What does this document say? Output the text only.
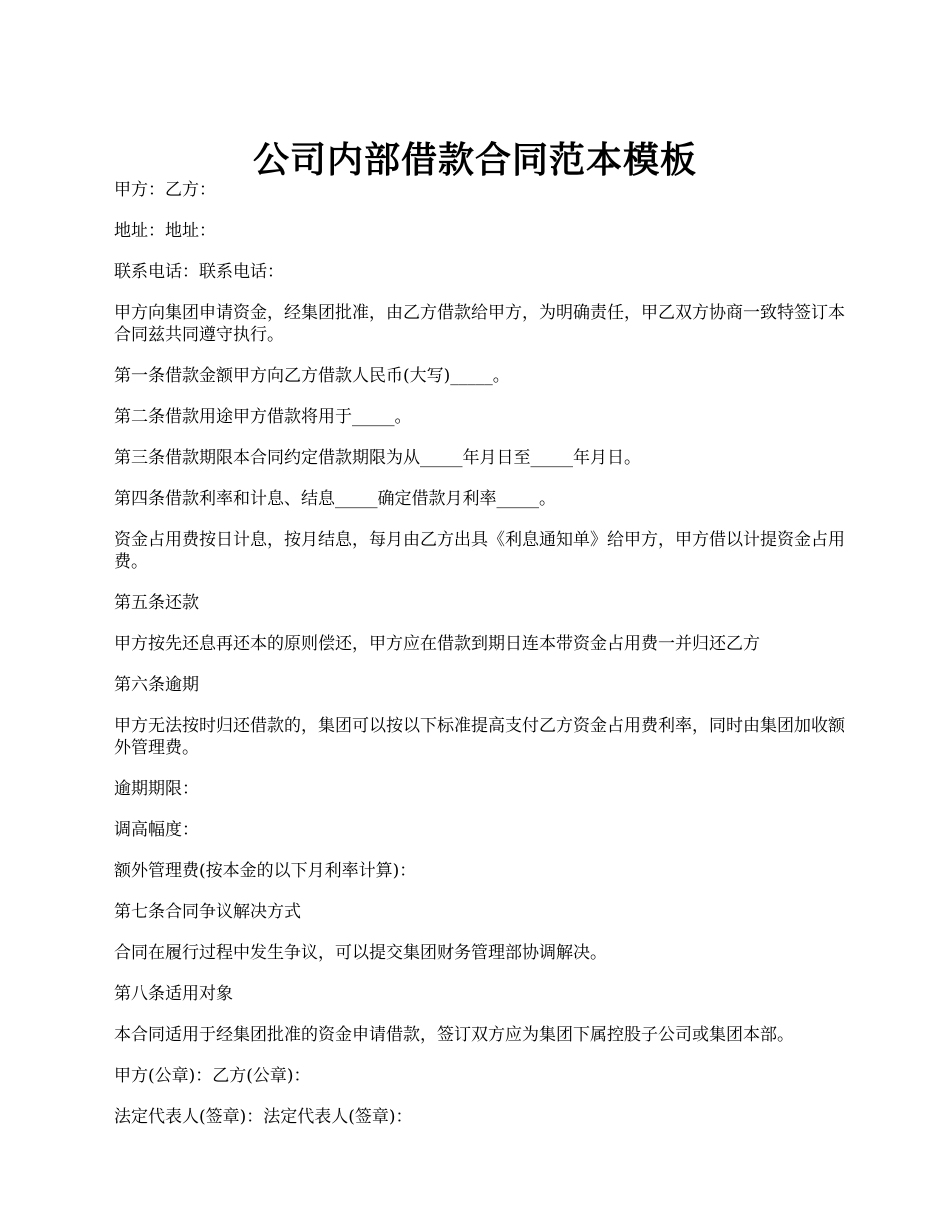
公司内部借款合同范本模板

甲方：乙方：

地址：地址：

联系电话：联系电话：

甲方向集团申请资金，经集团批准，由乙方借款给甲方，为明确责任，甲乙双方协商一致特签订本合同兹共同遵守执行。

第一条借款金额甲方向乙方借款人民币(大写)_____。

第二条借款用途甲方借款将用于_____。

第三条借款期限本合同约定借款期限为从_____年月日至_____年月日。

第四条借款利率和计息、结息_____确定借款月利率_____。

资金占用费按日计息，按月结息，每月由乙方出具《利息通知单》给甲方，甲方借以计提资金占用费。

第五条还款

甲方按先还息再还本的原则偿还，甲方应在借款到期日连本带资金占用费一并归还乙方

第六条逾期

甲方无法按时归还借款的，集团可以按以下标准提高支付乙方资金占用费利率，同时由集团加收额外管理费。

逾期期限：

调高幅度：

额外管理费(按本金的以下月利率计算)：

第七条合同争议解决方式

合同在履行过程中发生争议，可以提交集团财务管理部协调解决。

第八条适用对象

本合同适用于经集团批准的资金申请借款，签订双方应为集团下属控股子公司或集团本部。

甲方(公章)：乙方(公章)：

法定代表人(签章)：法定代表人(签章)：
